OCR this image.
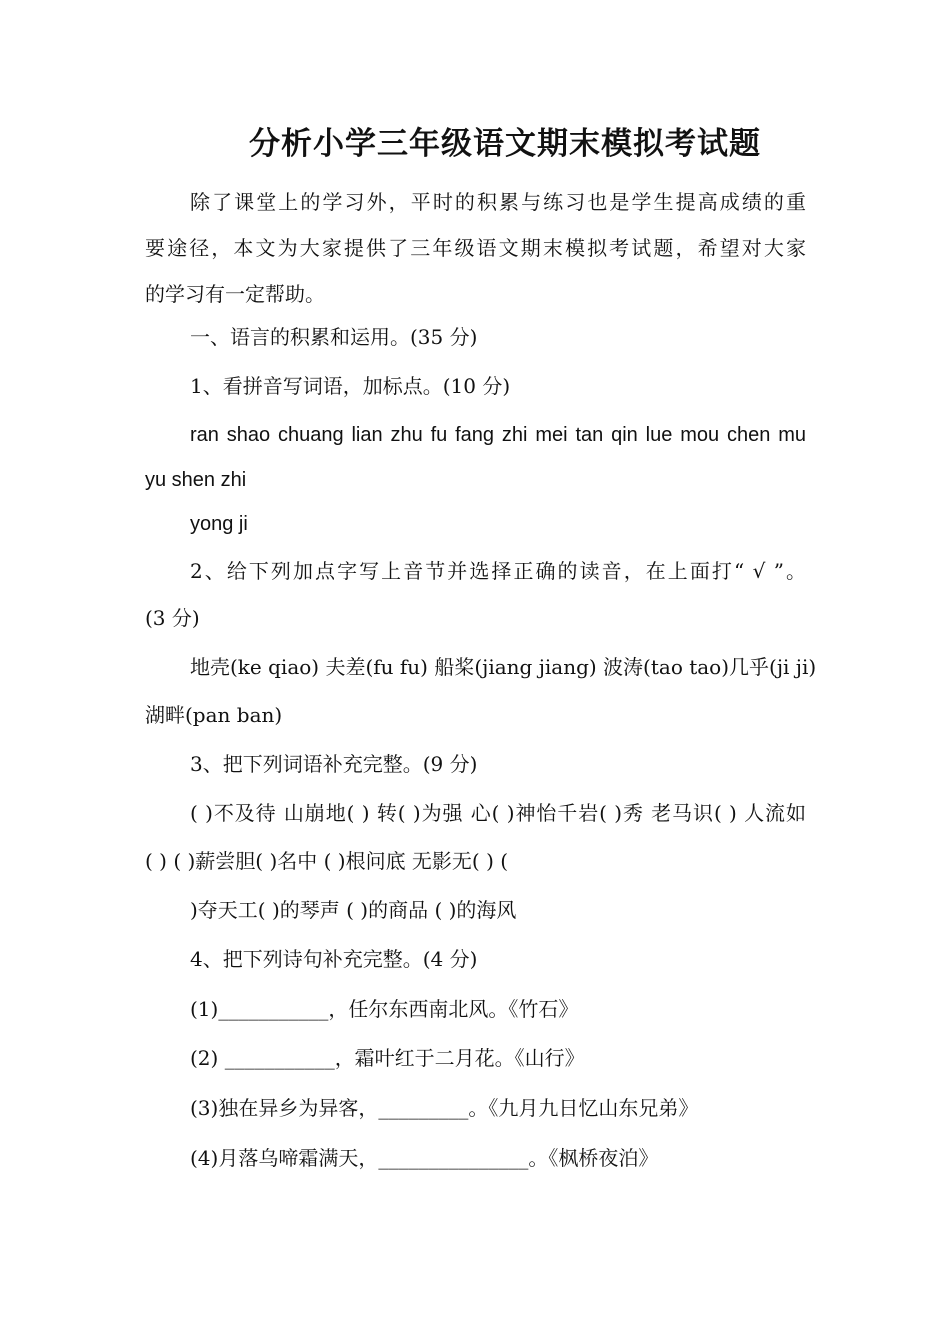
分析小学三年级语文期末模拟考试题
除了课堂上的学习外，平时的积累与练习也是学生提高成绩的重
要途径，本文为大家提供了三年级语文期末模拟考试题，希望对大家
的学习有一定帮助。
一、语言的积累和运用。(35 分)
1、看拼音写词语，加标点。(10 分)
ran shao chuang lian zhu fu fang zhi mei tan qin lue mou chen mu
yu shen zhi
yong ji
2、给下列加点字写上音节并选择正确的读音，在上面打“ √ ”。
(3 分)
地壳(ke qiao) 夫差(fu fu) 船桨(jiang jiang) 波涛(tao tao)几乎(ji ji)
湖畔(pan ban)
3、把下列词语补充完整。(9 分)
( )不及待 山崩地( ) 转( )为强 心( )神怡千岩( )秀 老马识( ) 人流如
( ) ( )薪尝胆( )名中 ( )根问底 无影无( ) (
)夺天工( )的琴声 ( )的商品 ( )的海风
4、把下列诗句补充完整。(4 分)
(1)___________，任尔东西南北风。《竹石》
(2) ___________，霜叶红于二月花。《山行》
(3)独在异乡为异客，_________。《九月九日忆山东兄弟》
(4)月落乌啼霜满天，_______________。《枫桥夜泊》
